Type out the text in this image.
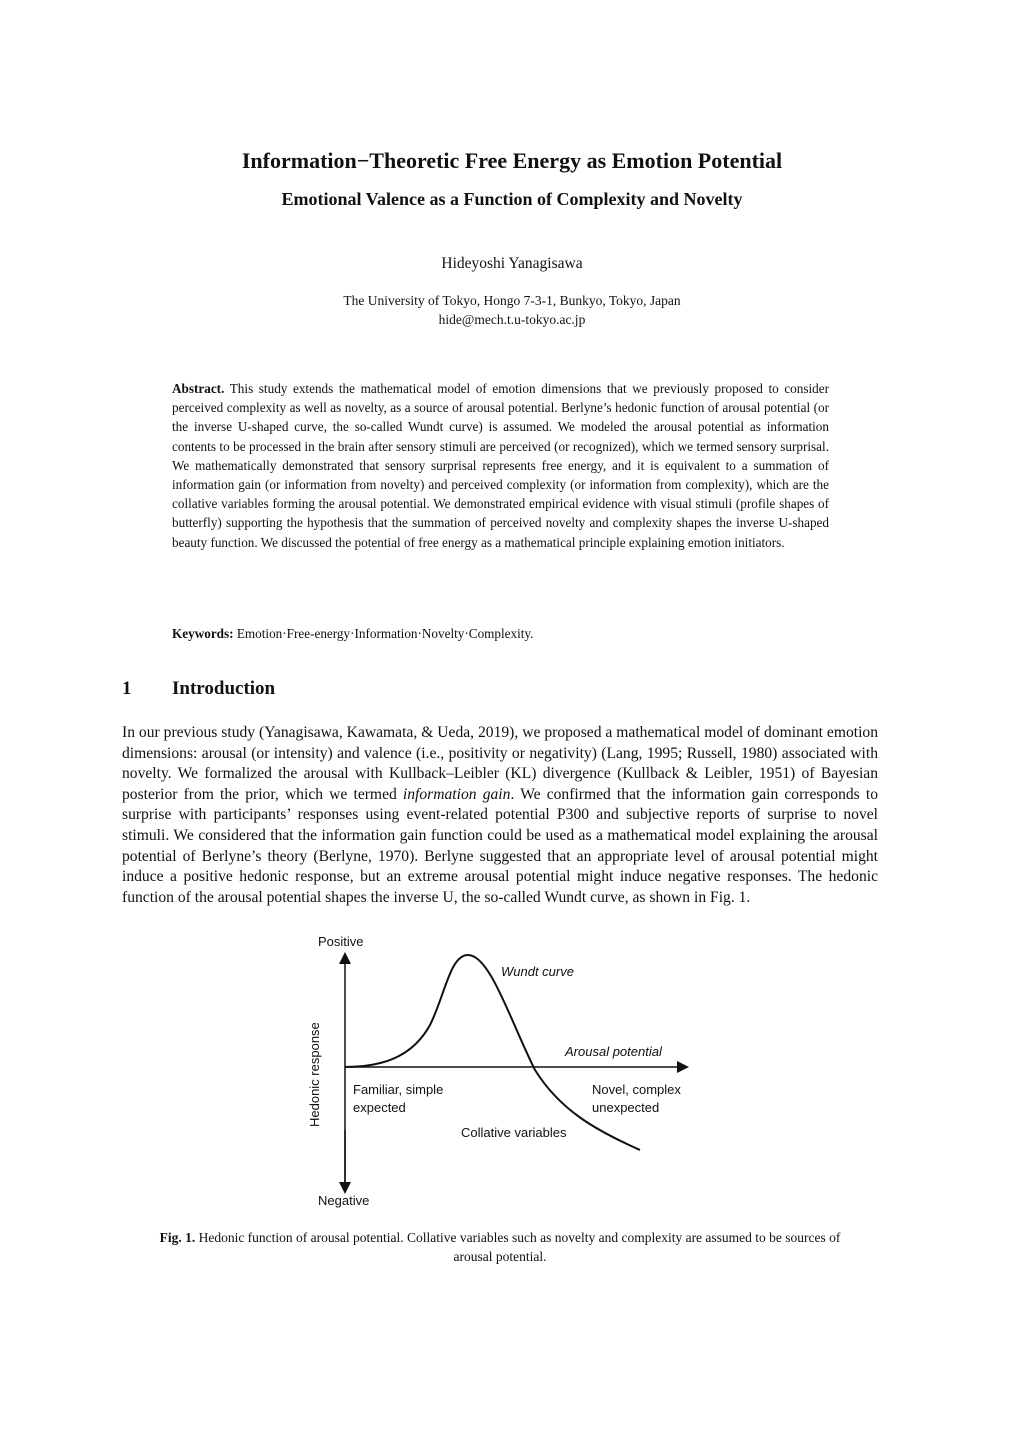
Information−Theoretic Free Energy as Emotion Potential
Emotional Valence as a Function of Complexity and Novelty
Hideyoshi Yanagisawa
The University of Tokyo, Hongo 7-3-1, Bunkyo, Tokyo, Japan
hide@mech.t.u-tokyo.ac.jp
Abstract. This study extends the mathematical model of emotion dimensions that we previously proposed to consider perceived complexity as well as novelty, as a source of arousal potential. Berlyne’s hedonic function of arousal potential (or the inverse U-shaped curve, the so-called Wundt curve) is assumed. We modeled the arousal potential as information contents to be processed in the brain after sensory stimuli are perceived (or recognized), which we termed sensory surprisal. We mathematically demonstrated that sensory surprisal represents free energy, and it is equivalent to a summation of information gain (or information from novelty) and perceived complexity (or information from complexity), which are the collative variables forming the arousal potential. We demonstrated empirical evidence with visual stimuli (profile shapes of butterfly) supporting the hypothesis that the summation of perceived novelty and complexity shapes the inverse U-shaped beauty function. We discussed the potential of free energy as a mathematical principle explaining emotion initiators.
Keywords: Emotion·Free-energy·Information·Novelty·Complexity.
1 Introduction
In our previous study (Yanagisawa, Kawamata, & Ueda, 2019), we proposed a mathematical model of dominant emotion dimensions: arousal (or intensity) and valence (i.e., positivity or negativity) (Lang, 1995; Russell, 1980) associated with novelty. We formalized the arousal with Kullback–Leibler (KL) divergence (Kullback & Leibler, 1951) of Bayesian posterior from the prior, which we termed information gain. We confirmed that the information gain corresponds to surprise with participants’ responses using event-related potential P300 and subjective reports of surprise to novel stimuli. We considered that the information gain function could be used as a mathematical model explaining the arousal potential of Berlyne’s theory (Berlyne, 1970). Berlyne suggested that an appropriate level of arousal potential might induce a positive hedonic response, but an extreme arousal potential might induce negative responses. The hedonic function of the arousal potential shapes the inverse U, the so-called Wundt curve, as shown in Fig. 1.
Positive
Negative
Hedonic response
Wundt curve
Arousal potential
Familiar, simple
expected
Novel, complex
unexpected
Collative variables
Fig. 1. Hedonic function of arousal potential. Collative variables such as novelty and complexity are assumed to be sources of arousal potential.
